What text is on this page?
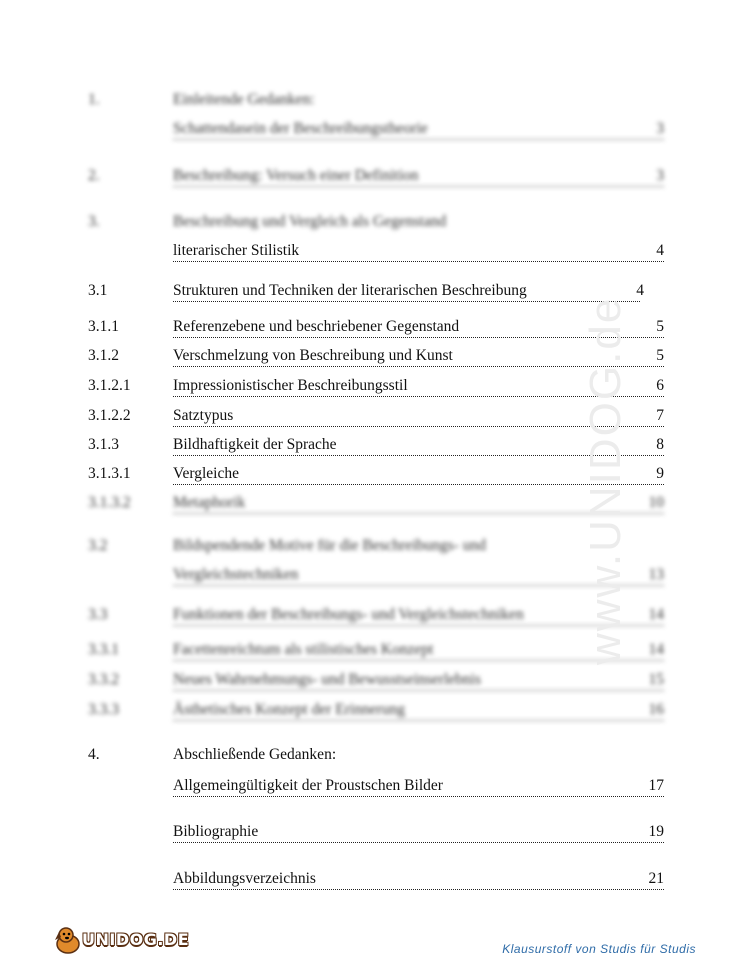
1.	Einleitende Gedanken:
Schattendasein der Beschreibungstheorie	3
2.	Beschreibung: Versuch einer Definition	3
3.	Beschreibung und Vergleich als Gegenstand
literarischer Stilistik	4
3.1	Strukturen und Techniken der literarischen Beschreibung	4
3.1.1	Referenzebene und beschriebener Gegenstand	5
3.1.2	Verschmelzung von Beschreibung und Kunst	5
3.1.2.1	Impressionistischer Beschreibungsstil	6
3.1.2.2	Satztypus	7
3.1.3	Bildhaftigkeit der Sprache	8
3.1.3.1	Vergleiche	9
3.1.3.2	Metaphorik	10
3.2	Bildspendende Motive für die Beschreibungs- und
Vergleichstechniken	13
3.3	Funktionen der Beschreibungs- und Vergleichstechniken	14
3.3.1	Facettenreichtum als stilistisches Konzept	14
3.3.2	Neues Wahrnehmungs- und Bewusstseinserlebnis	15
3.3.3	Ästhetisches Konzept der Erinnerung	16
4.	Abschließende Gedanken:
Allgemeingültigkeit der Proustschen Bilder	17
Bibliographie	19
Abbildungsverzeichnis	21
www.UNIDOG.de
UNIDOG.DE	Klausurstoff von Studis für Studis
